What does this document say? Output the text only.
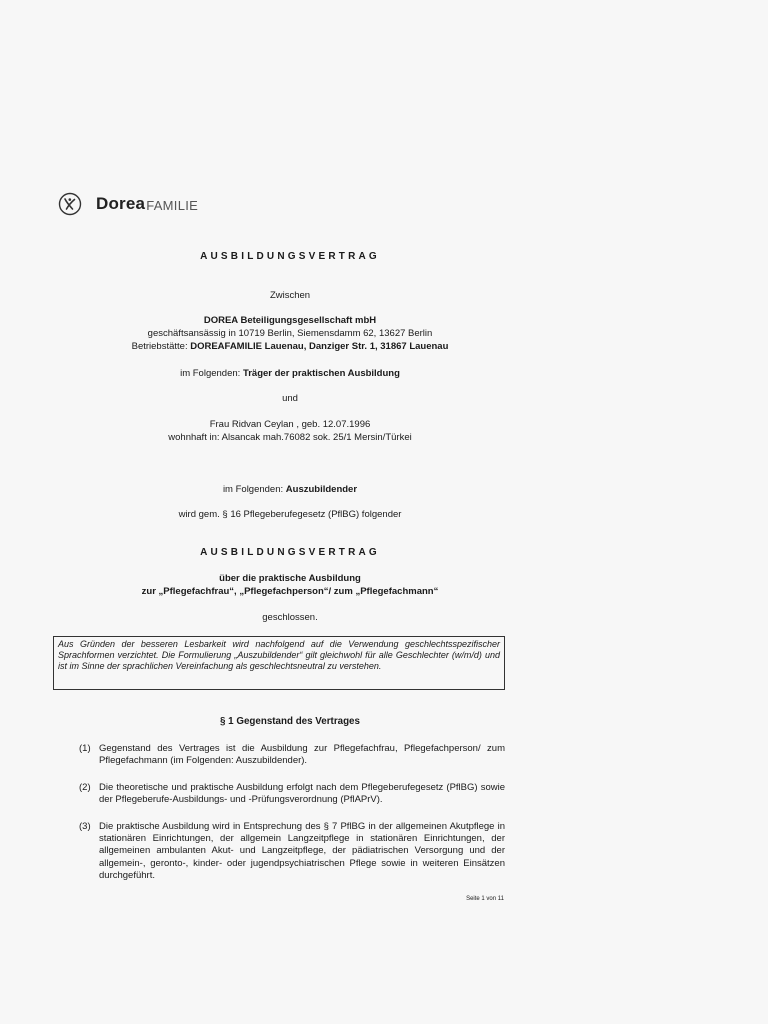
Dorea FAMILIE
AUSBILDUNGSVERTRAG
Zwischen
DOREA Beteiligungsgesellschaft mbH
geschäftsansässig in 10719 Berlin, Siemensdamm 62, 13627 Berlin
Betriebstätte: DOREAFAMILIE Lauenau, Danziger Str. 1, 31867 Lauenau
im Folgenden: Träger der praktischen Ausbildung
und
Frau Ridvan Ceylan , geb. 12.07.1996
wohnhaft in: Alsancak mah.76082 sok. 25/1 Mersin/Türkei
im Folgenden: Auszubildender
wird gem. § 16 Pflegeberufegesetz (PflBG) folgender
AUSBILDUNGSVERTRAG
über die praktische Ausbildung
zur „Pflegefachfrau“, „Pflegefachperson“/ zum „Pflegefachmann“
geschlossen.
Aus Gründen der besseren Lesbarkeit wird nachfolgend auf die Verwendung geschlechtsspezifischer Sprachformen verzichtet. Die Formulierung „Auszubildender“ gilt gleichwohl für alle Geschlechter (w/m/d) und ist im Sinne der sprachlichen Vereinfachung als geschlechtsneutral zu verstehen.
§ 1 Gegenstand des Vertrages
(1) Gegenstand des Vertrages ist die Ausbildung zur Pflegefachfrau, Pflegefachperson/ zum Pflegefachmann (im Folgenden: Auszubildender).
(2) Die theoretische und praktische Ausbildung erfolgt nach dem Pflegeberufegesetz (PflBG) sowie der Pflegeberufe-Ausbildungs- und -Prüfungsverordnung (PflAPrV).
(3) Die praktische Ausbildung wird in Entsprechung des § 7 PflBG in der allgemeinen Akutpflege in stationären Einrichtungen, der allgemein Langzeitpflege in stationären Einrichtungen, der allgemeinen ambulanten Akut- und Langzeitpflege, der pädiatrischen Versorgung und der allgemein-, geronto-, kinder- oder jugendpsychiatrischen Pflege sowie in weiteren Einsätzen durchgeführt.
Seite 1 von 11
